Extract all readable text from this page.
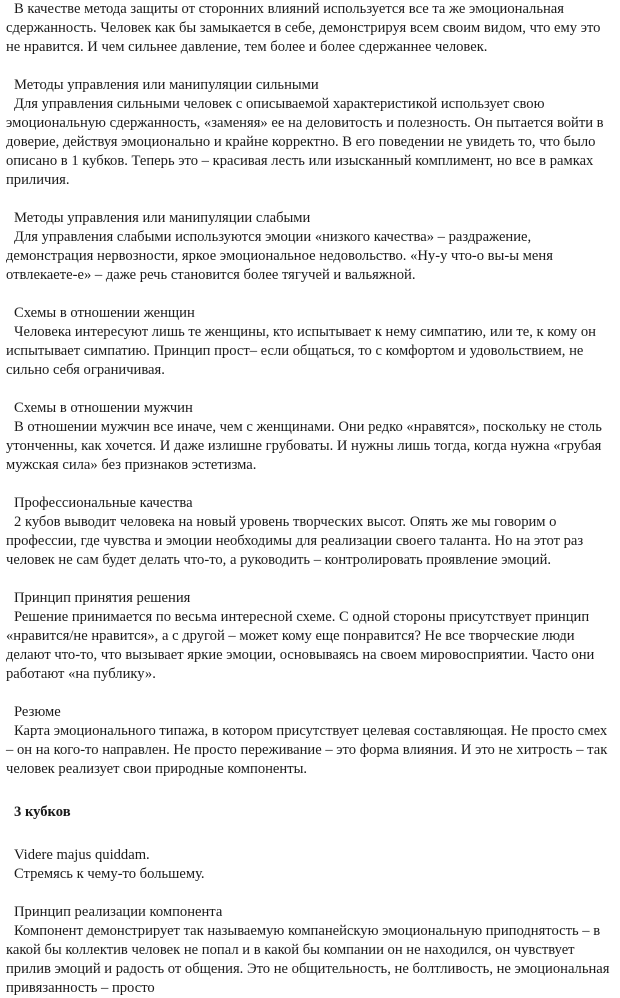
В качестве метода защиты от сторонних влияний используется все та же эмоциональная сдержанность. Человек как бы замыкается в себе, демонстрируя всем своим видом, что ему это не нравится. И чем сильнее давление, тем более и более сдержаннее человек.

Методы управления или манипуляции сильными

Для управления сильными человек с описываемой характеристикой использует свою эмоциональную сдержанность, «заменяя» ее на деловитость и полезность. Он пытается войти в доверие, действуя эмоционально и крайне корректно. В его поведении не увидеть то, что было описано в 1 кубков. Теперь это – красивая лесть или изысканный комплимент, но все в рамках приличия.

Методы управления или манипуляции слабыми

Для управления слабыми используются эмоции «низкого качества» – раздражение, демонстрация нервозности, яркое эмоциональное недовольство. «Ну-у что-о вы-ы меня отвлекаете-е» – даже речь становится более тягучей и вальяжной.

Схемы в отношении женщин

Человека интересуют лишь те женщины, кто испытывает к нему симпатию, или те, к кому он испытывает симпатию. Принцип прост– если общаться, то с комфортом и удовольствием, не сильно себя ограничивая.

Схемы в отношении мужчин

В отношении мужчин все иначе, чем с женщинами. Они редко «нравятся», поскольку не столь утонченны, как хочется. И даже излишне грубоваты. И нужны лишь тогда, когда нужна «грубая мужская сила» без признаков эстетизма.

Профессиональные качества

2 кубов выводит человека на новый уровень творческих высот. Опять же мы говорим о профессии, где чувства и эмоции необходимы для реализации своего таланта. Но на этот раз человек не сам будет делать что-то, а руководить – контролировать проявление эмоций.

Принцип принятия решения

Решение принимается по весьма интересной схеме. С одной стороны присутствует принцип «нравится/не нравится», а с другой – может кому еще понравится? Не все творческие люди делают что-то, что вызывает яркие эмоции, основываясь на своем мировосприятии. Часто они работают «на публику».

Резюме

Карта эмоционального типажа, в котором присутствует целевая составляющая. Не просто смех – он на кого-то направлен. Не просто переживание – это форма влияния. И это не хитрость – так человек реализует свои природные компоненты.

3 кубков

Videre majus quiddam.

Стремясь к чему-то большему.

Принцип реализации компонента

Компонент демонстрирует так называемую компанейскую эмоциональную приподнятость – в какой бы коллектив человек не попал и в какой бы компании он не находился, он чувствует прилив эмоций и радость от общения. Это не общительность, не болтливость, не эмоциональная привязанность – просто
